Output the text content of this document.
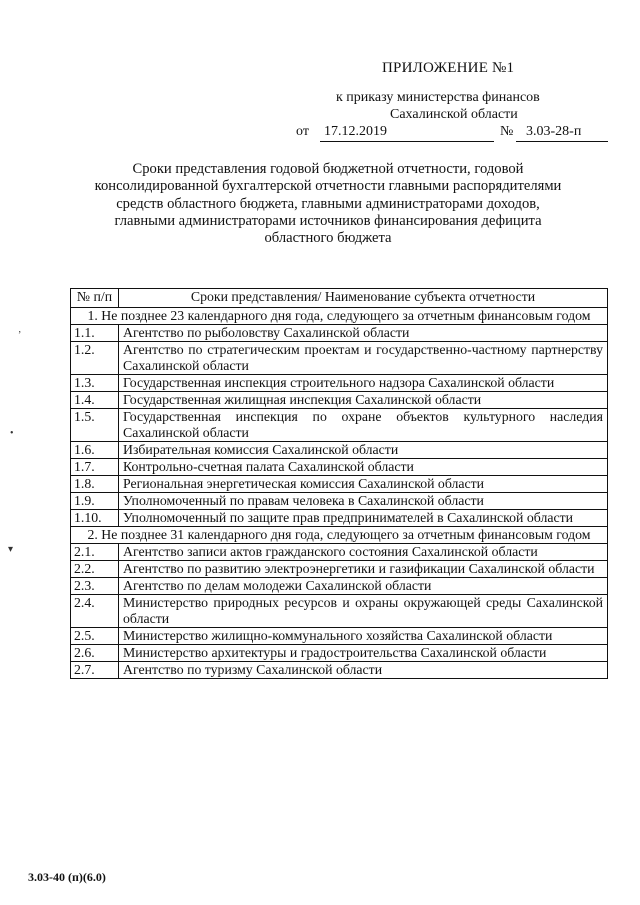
ПРИЛОЖЕНИЕ №1
к приказу министерства финансов
Сахалинской области
от 17.12.2019	№ 3.03-28-п
Сроки представления годовой бюджетной отчетности, годовой консолидированной бухгалтерской отчетности главными распорядителями средств областного бюджета, главными администраторами доходов, главными администраторами источников финансирования дефицита областного бюджета
ʼ
•
▾
№ п/п	Сроки представления/ Наименование субъекта отчетности
1. Не позднее 23 календарного дня года, следующего за отчетным финансовым годом	
1.1.	Агентство по рыболовству Сахалинской области
1.2.	Агентство по стратегическим проектам и государственно-частному партнерству Сахалинской области
1.3.	Государственная инспекция строительного надзора Сахалинской области
1.4.	Государственная жилищная инспекция Сахалинской области
1.5.	Государственная инспекция по охране объектов культурного наследия Сахалинской области
1.6.	Избирательная комиссия Сахалинской области
1.7.	Контрольно-счетная палата Сахалинской области
1.8.	Региональная энергетическая комиссия Сахалинской области
1.9.	Уполномоченный по правам человека в Сахалинской области
1.10.	Уполномоченный по защите прав предпринимателей в Сахалинской области
2. Не позднее 31 календарного дня года, следующего за отчетным финансовым годом	
2.1.	Агентство записи актов гражданского состояния Сахалинской области
2.2.	Агентство по развитию электроэнергетики и газификации Сахалинской области
2.3.	Агентство по делам молодежи Сахалинской области
2.4.	Министерство природных ресурсов и охраны окружающей среды Сахалинской области
2.5.	Министерство жилищно-коммунального хозяйства Сахалинской области
2.6.	Министерство архитектуры и градостроительства Сахалинской области
2.7.	Агентство по туризму Сахалинской области
3.03-40 (п)(6.0)
